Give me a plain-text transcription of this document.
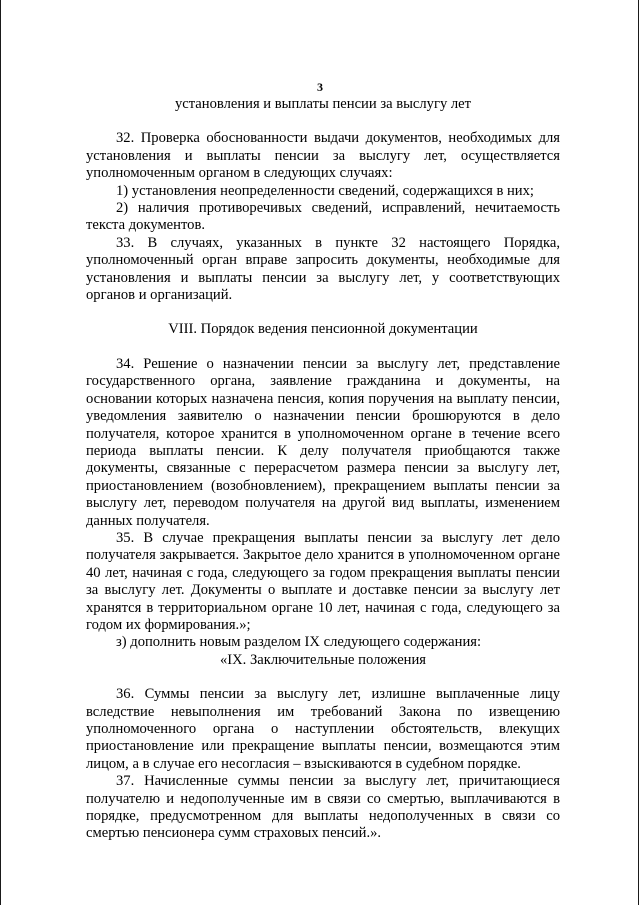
3

установления и выплаты пенсии за выслугу лет

32. Проверка обоснованности выдачи документов, необходимых для установления и выплаты пенсии за выслугу лет, осуществляется уполномоченным органом в следующих случаях:

1) установления неопределенности сведений, содержащихся в них;

2) наличия противоречивых сведений, исправлений, нечитаемость текста документов.

33. В случаях, указанных в пункте 32 настоящего Порядка, уполномоченный орган вправе запросить документы, необходимые для установления и выплаты пенсии за выслугу лет, у соответствующих органов и организаций.

VIII. Порядок ведения пенсионной документации

34. Решение о назначении пенсии за выслугу лет, представление государственного органа, заявление гражданина и документы, на основании которых назначена пенсия, копия поручения на выплату пенсии, уведомления заявителю о назначении пенсии брошюруются в дело получателя, которое хранится в уполномоченном органе в течение всего периода выплаты пенсии. К делу получателя приобщаются также документы, связанные с перерасчетом размера пенсии за выслугу лет, приостановлением (возобновлением), прекращением выплаты пенсии за выслугу лет, переводом получателя на другой вид выплаты, изменением данных получателя.

35. В случае прекращения выплаты пенсии за выслугу лет дело получателя закрывается. Закрытое дело хранится в уполномоченном органе 40 лет, начиная с года, следующего за годом прекращения выплаты пенсии за выслугу лет. Документы о выплате и доставке пенсии за выслугу лет хранятся в территориальном органе 10 лет, начиная с года, следующего за годом их формирования.»;

з) дополнить новым разделом IX следующего содержания:

«IX. Заключительные положения

36. Суммы пенсии за выслугу лет, излишне выплаченные лицу вследствие невыполнения им требований Закона по извещению уполномоченного органа о наступлении обстоятельств, влекущих приостановление или прекращение выплаты пенсии, возмещаются этим лицом, а в случае его несогласия – взыскиваются в судебном порядке.

37. Начисленные суммы пенсии за выслугу лет, причитающиеся получателю и недополученные им в связи со смертью, выплачиваются в порядке, предусмотренном для выплаты недополученных в связи со смертью пенсионера сумм страховых пенсий.».
